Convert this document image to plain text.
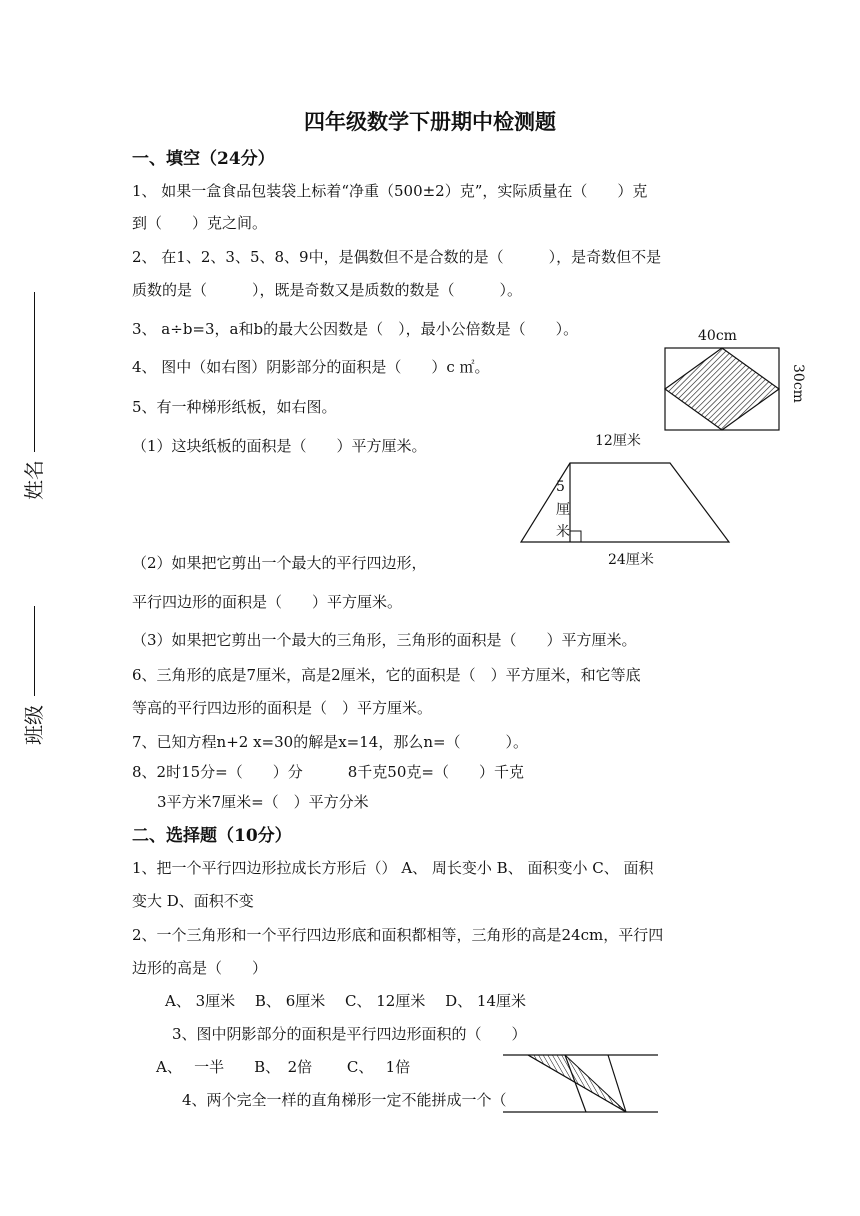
四年级数学下册期中检测题
姓名
班级
一、填空（24分）
1、 如果一盒食品包装袋上标着“净重（500±2）克”，实际质量在（　　）克
到（　　）克之间。
2、 在1、2、3、5、8、9中，是偶数但不是合数的是（　　　），是奇数但不是
质数的是（　　　），既是奇数又是质数的数是（　　　）。
3、 a÷b=3，a和b的最大公因数是（　），最小公倍数是（　　）。
4、 图中（如右图）阴影部分的面积是（　　）c ㎡。
5、有一种梯形纸板，如右图。
（1）这块纸板的面积是（　　）平方厘米。
（2）如果把它剪出一个最大的平行四边形，
平行四边形的面积是（　　）平方厘米。
（3）如果把它剪出一个最大的三角形，三角形的面积是（　　）平方厘米。
6、三角形的底是7厘米，高是2厘米，它的面积是（　）平方厘米，和它等底
等高的平行四边形的面积是（　）平方厘米。
7、已知方程n+2 x=30的解是x=14，那么n=（　　　）。
8、2时15分=（　　）分　　　8千克50克=（　　）千克
3平方米7厘米=（　）平方分米
二、选择题（10分）
1、把一个平行四边形拉成长方形后（） A、 周长变小 B、 面积变小 C、 面积
变大 D、面积不变
2、一个三角形和一个平行四边形底和面积都相等，三角形的高是24cm，平行四
边形的高是（　　）
A、 3厘米　 B、 6厘米　 C、 12厘米　 D、 14厘米
3、图中阴影部分的面积是平行四边形面积的（　　）
A、　 一半　　B、　2倍　　 C、　 1倍
4、两个完全一样的直角梯形一定不能拼成一个（
40cm
30cm
12厘米
5
厘
米
24厘米
